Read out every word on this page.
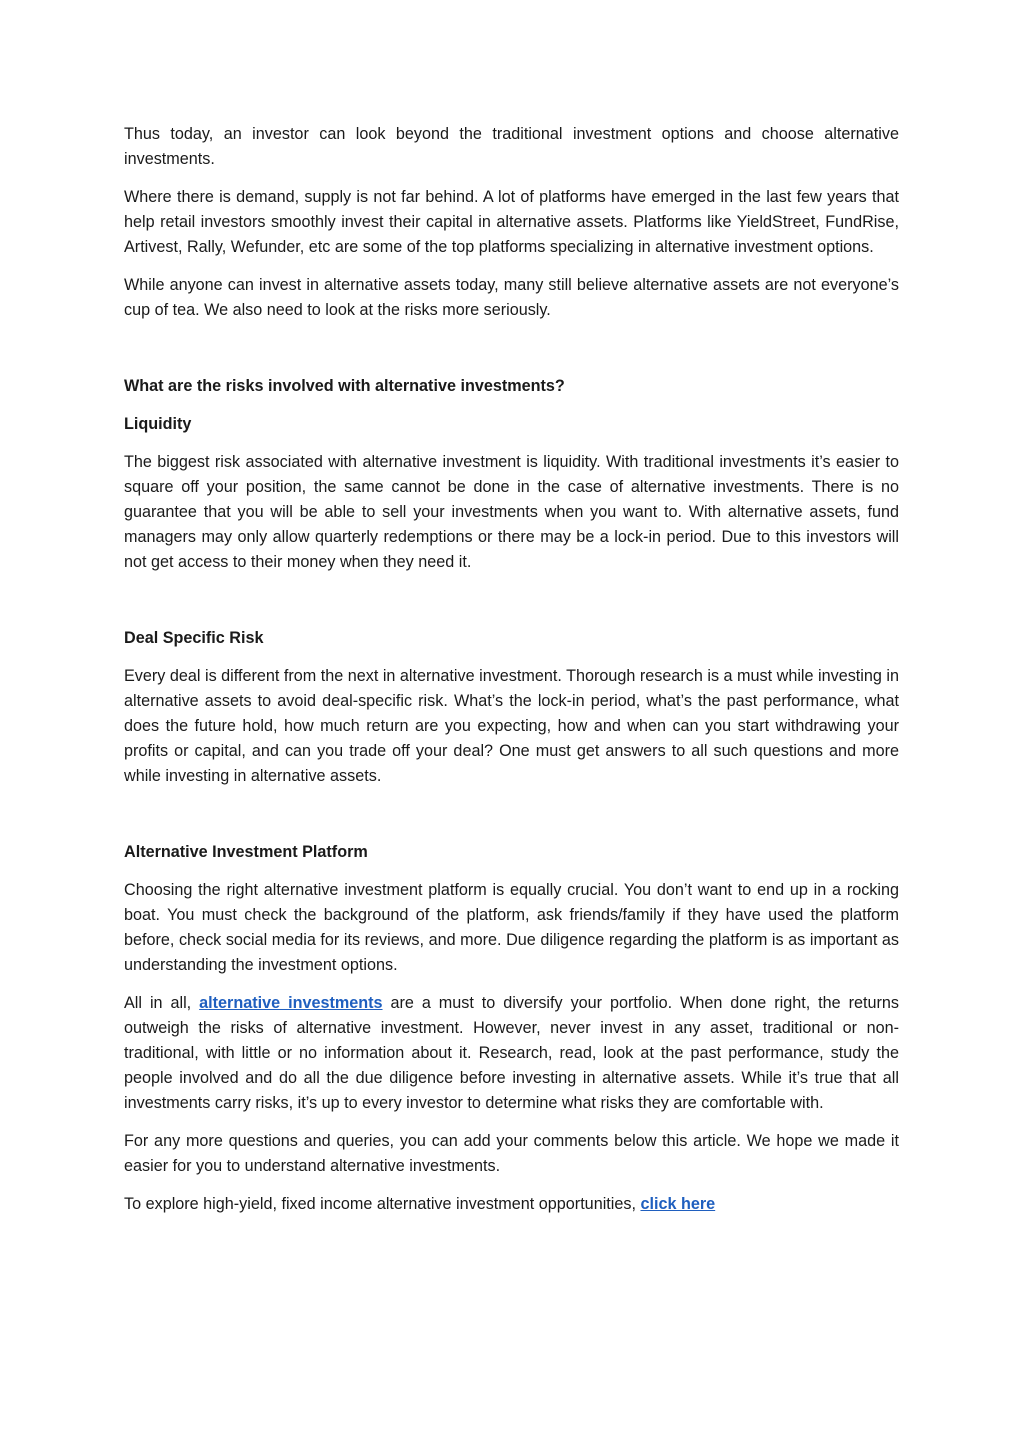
Thus today, an investor can look beyond the traditional investment options and choose alternative investments.

Where there is demand, supply is not far behind. A lot of platforms have emerged in the last few years that help retail investors smoothly invest their capital in alternative assets. Platforms like YieldStreet, FundRise, Artivest, Rally, Wefunder, etc are some of the top platforms specializing in alternative investment options.

While anyone can invest in alternative assets today, many still believe alternative assets are not everyone’s cup of tea. We also need to look at the risks more seriously.

What are the risks involved with alternative investments?
Liquidity

The biggest risk associated with alternative investment is liquidity. With traditional investments it’s easier to square off your position, the same cannot be done in the case of alternative investments. There is no guarantee that you will be able to sell your investments when you want to. With alternative assets, fund managers may only allow quarterly redemptions or there may be a lock-in period. Due to this investors will not get access to their money when they need it.

Deal Specific Risk

Every deal is different from the next in alternative investment. Thorough research is a must while investing in alternative assets to avoid deal-specific risk. What’s the lock-in period, what’s the past performance, what does the future hold, how much return are you expecting, how and when can you start withdrawing your profits or capital, and can you trade off your deal? One must get answers to all such questions and more while investing in alternative assets.

Alternative Investment Platform

Choosing the right alternative investment platform is equally crucial. You don’t want to end up in a rocking boat. You must check the background of the platform, ask friends/family if they have used the platform before, check social media for its reviews, and more. Due diligence regarding the platform is as important as understanding the investment options.

All in all, alternative investments are a must to diversify your portfolio. When done right, the returns outweigh the risks of alternative investment. However, never invest in any asset, traditional or non-traditional, with little or no information about it. Research, read, look at the past performance, study the people involved and do all the due diligence before investing in alternative assets. While it’s true that all investments carry risks, it’s up to every investor to determine what risks they are comfortable with.

For any more questions and queries, you can add your comments below this article. We hope we made it easier for you to understand alternative investments.

To explore high-yield, fixed income alternative investment opportunities, click here
